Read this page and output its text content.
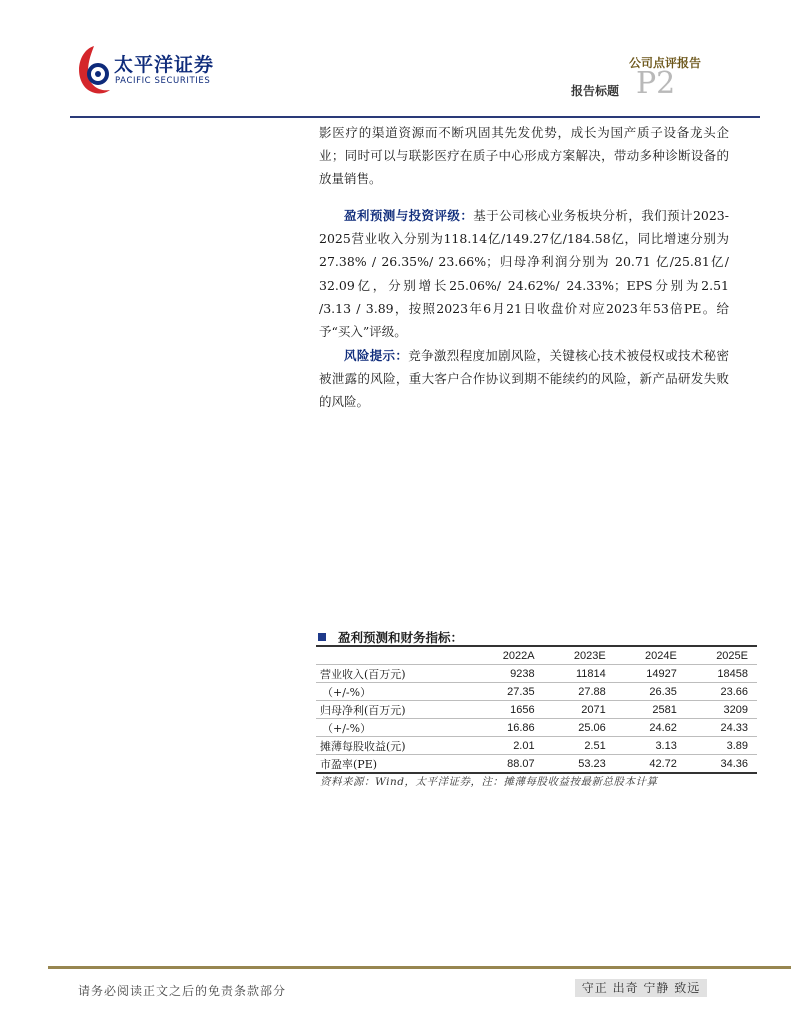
太平洋证券
PACIFIC SECURITIES
公司点评报告
报告标题 P2
影医疗的渠道资源而不断巩固其先发优势，成长为国产质子设备龙头企业；同时可以与联影医疗在质子中心形成方案解决，带动多种诊断设备的放量销售。
盈利预测与投资评级：基于公司核心业务板块分析，我们预计2023-2025营业收入分别为118.14亿/149.27亿/184.58亿，同比增速分别为 27.38% / 26.35%/ 23.66%；归母净利润分别为 20.71 亿/25.81亿/ 32.09亿，分别增长25.06%/ 24.62%/ 24.33%；EPS分别为2.51 /3.13 / 3.89，按照2023年6月21日收盘价对应2023年53倍PE。给予“买入”评级。
风险提示：竞争激烈程度加剧风险，关键核心技术被侵权或技术秘密被泄露的风险，重大客户合作协议到期不能续约的风险，新产品研发失败的风险。
盈利预测和财务指标：
	2022A	2023E	2024E	2025E
营业收入(百万元)	9238	11814	14927	18458
（+/-%）	27.35	27.88	26.35	23.66
归母净利(百万元)	1656	2071	2581	3209
（+/-%）	16.86	25.06	24.62	24.33
摊薄每股收益(元)	2.01	2.51	3.13	3.89
市盈率(PE)	88.07	53.23	42.72	34.36
资料来源：Wind，太平洋证券，注：摊薄每股收益按最新总股本计算
请务必阅读正文之后的免责条款部分	守正 出奇 宁静 致远
